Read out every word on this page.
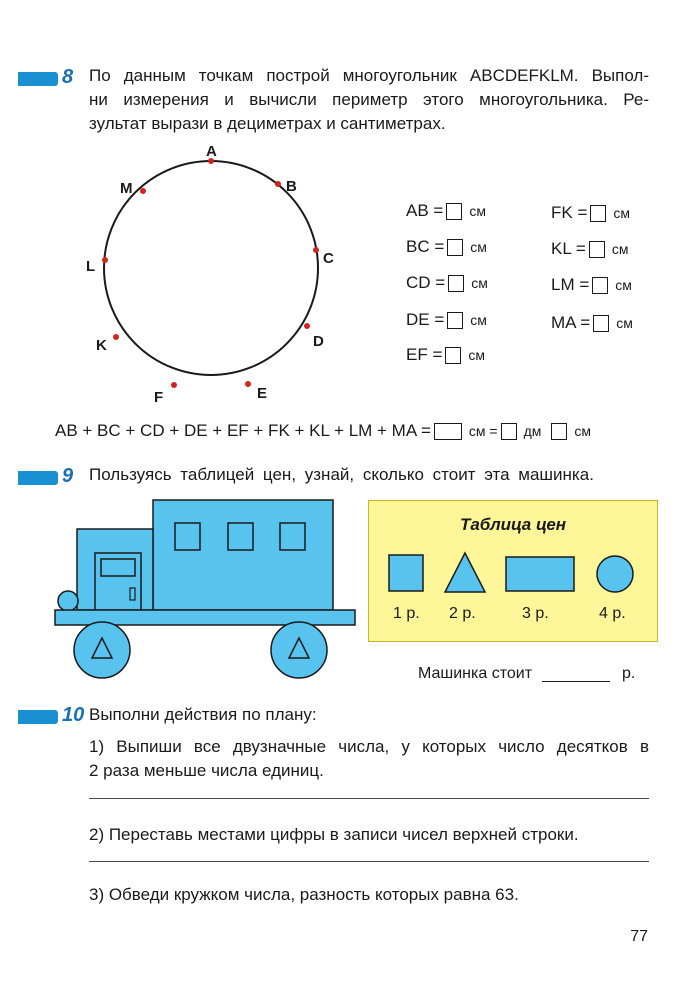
8 По данным точкам построй многоугольник ABCDEFKLM. Выпол-
ни измерения и вычисли периметр этого многоугольника. Ре-
зультат вырази в дециметрах и сантиметрах.

A
B
C
D
E
F
K
L
M
AB = см
BC = см
CD = см
DE = см
EF = см
FK = см
KL = см
LM = см
MA = см
AB + BC + CD + DE + EF + FK + KL + LM + MA =	см = дм см
9 Пользуясь таблицей цен, узнай, сколько стоит эта машинка.

Таблица цен
1 р. 2 р.	3 р.	4 р.
Машинка стоит	р.
10 Выполни действия по плану:

1) Выпиши все двузначные числа, у которых число десятков в
2 раза меньше числа единиц.

2) Переставь местами цифры в записи чисел верхней строки.

3) Обведи кружком числа, разность которых равна 63.

77
